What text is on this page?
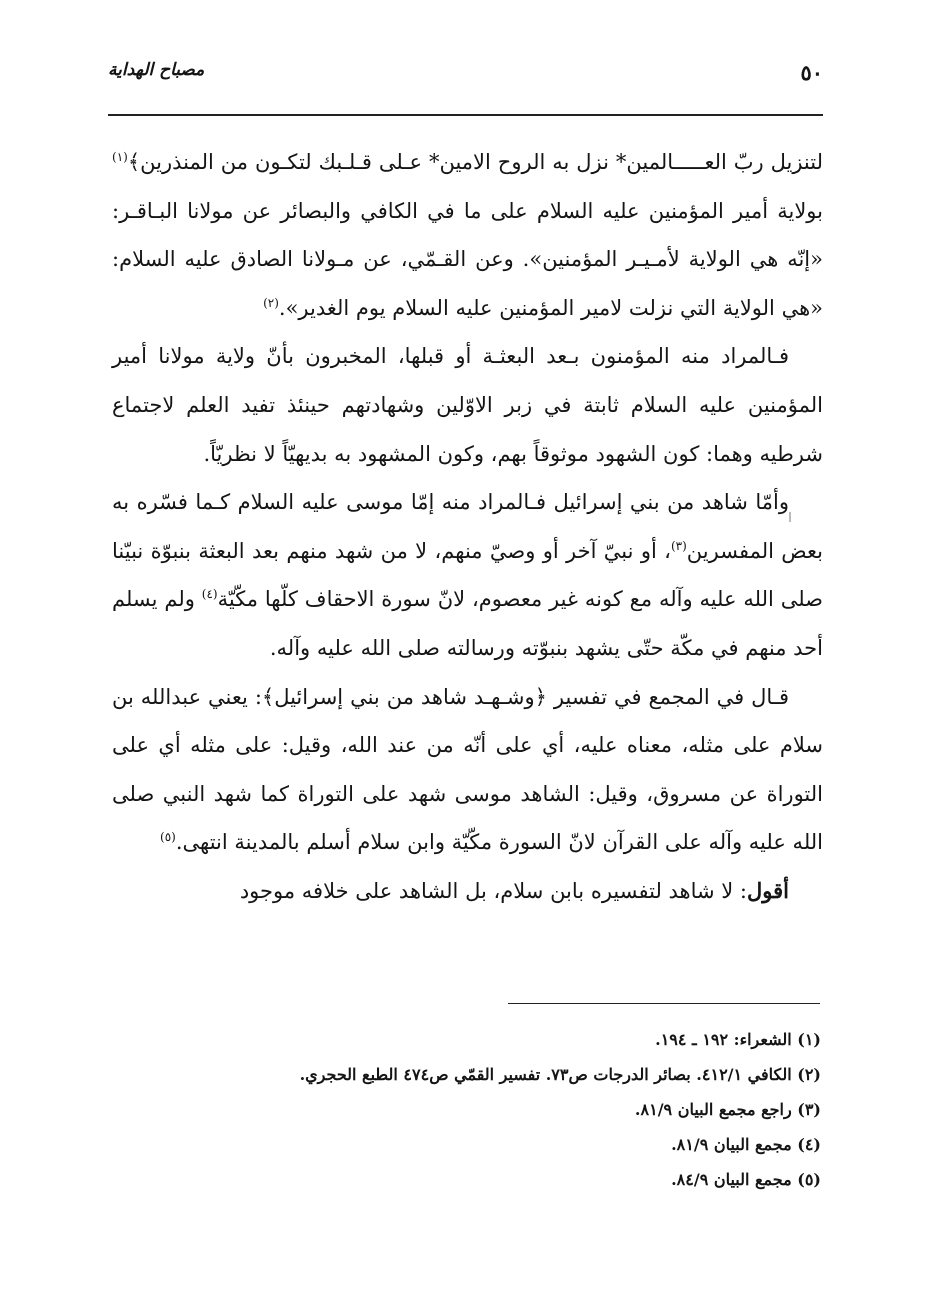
٥٠
مصباح الهداية

لتنزيل ربّ العـــــالمين* نزل به الروح الامين* عـلى قـلـبك لتكـون من المنذرين﴾$^{(١)}$ بولاية أمير المؤمنين عليه السلام على ما في الكافي والبصائر عن مولانا البـاقـر: «إنّه هي الولاية لأمـيـر المؤمنين». وعن القـمّي، عن مـولانا الصادق عليه السلام: «هي الولاية التي نزلت لامير المؤمنين عليه السلام يوم الغدير».$^{(٢)}$

فـالمراد منه المؤمنون بـعد البعثـة أو قبلها، المخبرون بأنّ ولاية مولانا أمير المؤمنين عليه السلام ثابتة في زبر الاوّلين وشهادتهم حينئذ تفيد العلم لاجتماع شرطيه وهما: كون الشهود موثوقاً بهم، وكون المشهود به بديهيّاً لا نظريّاً.

وأمّا شاهد من بني إسرائيل فـالمراد منه إمّا موسى عليه السلام كـما فسّره به بعض المفسرين$^{(٣)}$، أو نبيّ آخر أو وصيّ منهم، لا من شهد منهم بعد البعثة بنبوّة نبيّنا صلى الله عليه وآله مع كونه غير معصوم، لانّ سورة الاحقاف كلّها مكّيّة$^{(٤)}$ ولم يسلم أحد منهم في مكّة حتّى يشهد بنبوّته ورسالته صلى الله عليه وآله.

قـال في المجمع في تفسير ﴿وشـهـد شاهد من بني إسرائيل﴾: يعني عبدالله بن سلام على مثله، معناه عليه، أي على أنّه من عند الله، وقيل: على مثله أي على التوراة عن مسروق، وقيل: الشاهد موسى شهد على التوراة كما شهد النبي صلى الله عليه وآله على القرآن لانّ السورة مكّيّة وابن سلام أسلم بالمدينة انتهى.$^{(٥)}$

أقول: لا شاهد لتفسيره بابن سلام، بل الشاهد على خلافه موجود

(١) الشعراء: ١٩٢ ـ ١٩٤.
(٢) الكافي ٤١٢/١. بصائر الدرجات ص٧٣. تفسير القمّي ص٤٧٤ الطبع الحجري.
(٣) راجع مجمع البيان ٨١/٩.
(٤) مجمع البيان ٨١/٩.
(٥) مجمع البيان ٨٤/٩.
